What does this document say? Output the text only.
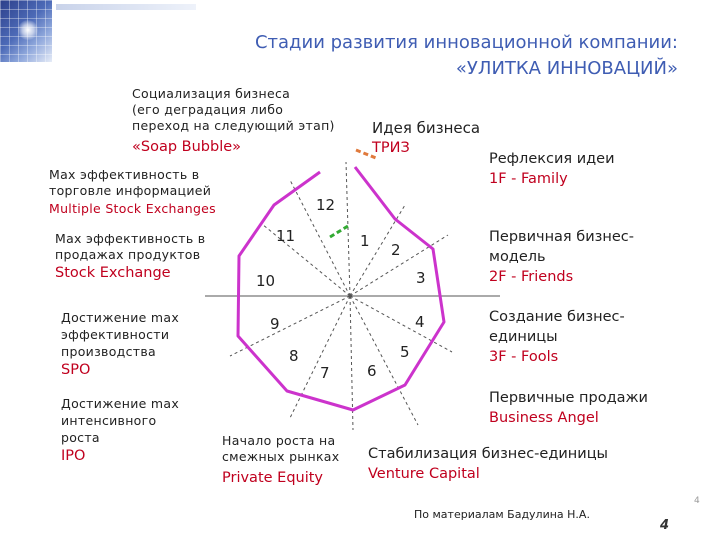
Стадии развития инновационной компании:
«УЛИТКА ИННОВАЦИЙ»
1 2
3
4
5
6
7
8
9
10
11
12
Социализация бизнеса
(его деградация либо
переход на следующий этап)
«Soap Bubble»
Идея бизнеса
ТРИЗ
Рефлексия идеи
1F - Family
Первичная бизнес-
модель
2F - Friends
Создание бизнес-
единицы
3F - Fools
Первичные продажи
Business Angel
Стабилизация бизнес-единицы
Venture Capital
Начало роста на
смежных рынках
Private Equity
Достижение max
интенсивного
роста
IPO
Достижение max
эффективности
производства
SPO
Max эффективность в
продажах продуктов
Stock Exchange
Max эффективность в
торговле информацией
Multiple Stock Exchanges
4
По материалам Бадулина Н.А.
4
